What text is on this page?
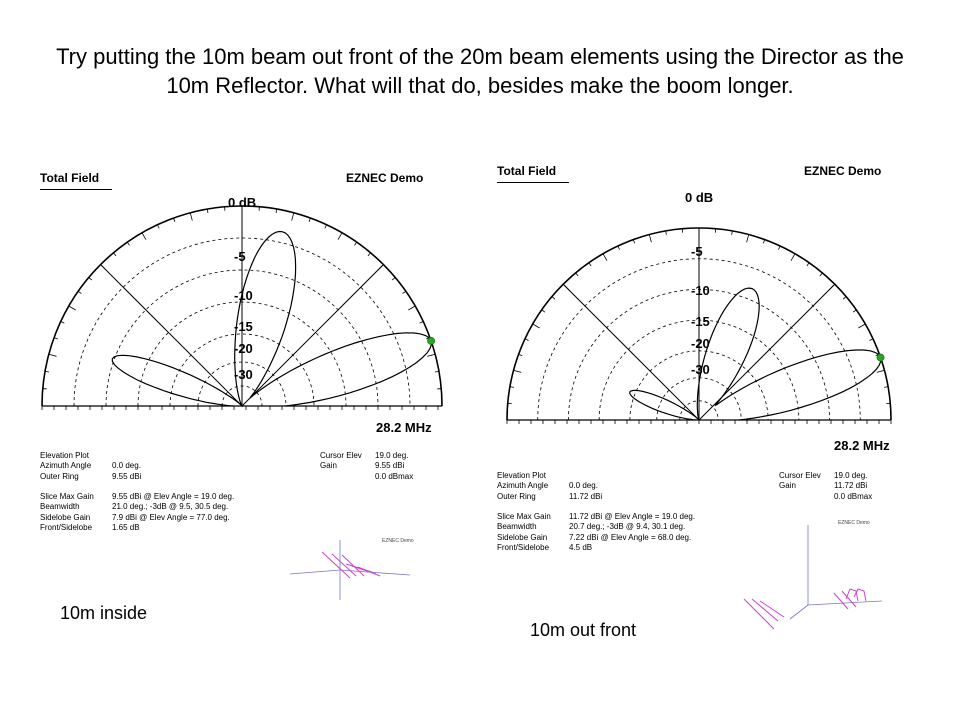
Try putting the 10m beam out front of the 20m beam elements using the Director as the 10m Reflector. What will that do, besides make the boom longer.
Total Field	EZNEC Demo
0 dB
-5
-10
-15
-20
-30
28.2 MHz
Elevation Plot
Azimuth Angle	0.0 deg.
Outer Ring	9.55 dBi
Slice Max Gain 9.55 dBi @ Elev Angle = 19.0 deg.
Beamwidth	21.0 deg.; -3dB @ 9.5, 30.5 deg.
Sidelobe Gain	7.9 dBi @ Elev Angle = 77.0 deg.
Front/Sidelobe 1.65 dB
Cursor Elev 19.0 deg.
Gain	9.55 dBi
0.0 dBmax
EZNEC Demo
10m inside
Total Field	EZNEC Demo
0 dB
-5
-10
-15
-20
-30
28.2 MHz
Elevation Plot
Azimuth Angle	0.0 deg.
Outer Ring	11.72 dBi
Slice Max Gain 11.72 dBi @ Elev Angle = 19.0 deg.
Beamwidth	20.7 deg.; -3dB @ 9.4, 30.1 deg.
Sidelobe Gain	7.22 dBi @ Elev Angle = 68.0 deg.
Front/Sidelobe 4.5 dB
Cursor Elev 19.0 deg.
Gain	11.72 dBi
0.0 dBmax
EZNEC Demo
10m out front
